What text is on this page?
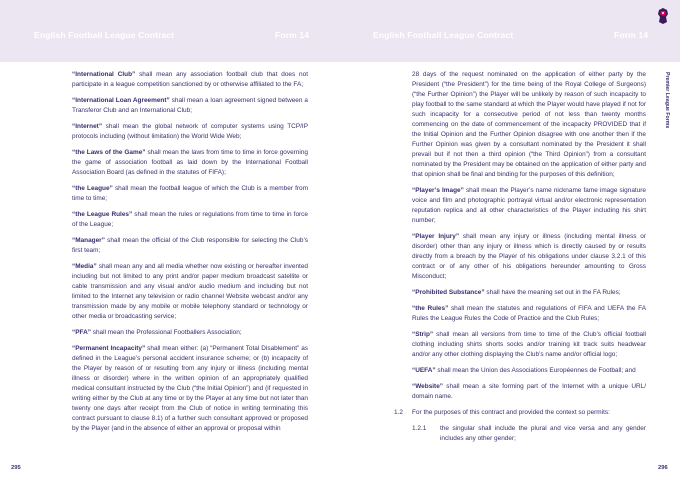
English Football League Contract	Form 14	English Football League Contract	Form 14
Premier League Forms

“International Club” shall mean any association football club that does not participate in a league competition sanctioned by or otherwise affiliated to the FA;

“International Loan Agreement” shall mean a loan agreement signed between a Transferor Club and an International Club;

“Internet” shall mean the global network of computer systems using TCP/IP protocols including (without limitation) the World Wide Web;

“the Laws of the Game” shall mean the laws from time to time in force governing the game of association football as laid down by the International Football Association Board (as defined in the statutes of FIFA);

“the League” shall mean the football league of which the Club is a member from time to time;

“the League Rules” shall mean the rules or regulations from time to time in force of the League;

“Manager” shall mean the official of the Club responsible for selecting the Club’s first team;

“Media” shall mean any and all media whether now existing or hereafter invented including but not limited to any print and/or paper medium broadcast satellite or cable transmission and any visual and/or audio medium and including but not limited to the Internet any television or radio channel Website webcast and/or any transmission made by any mobile or mobile telephony standard or technology or other media or broadcasting service;

“PFA” shall mean the Professional Footballers Association;

“Permanent Incapacity” shall mean either: (a) “Permanent Total Disablement” as defined in the League’s personal accident insurance scheme; or (b) incapacity of the Player by reason of or resulting from any injury or illness (including mental illness or disorder) where in the written opinion of an appropriately qualified medical consultant instructed by the Club (“the Initial Opinion”) and (if requested in writing either by the Club at any time or by the Player at any time but not later than twenty one days after receipt from the Club of notice in writing terminating this contract pursuant to clause 8.1) of a further such consultant approved or proposed by the Player (and in the absence of either an approval or proposal within

28 days of the request nominated on the application of either party by the President (“the President”) for the time being of the Royal College of Surgeons) (“the Further Opinion”) the Player will be unlikely by reason of such incapacity to play football to the same standard at which the Player would have played if not for such incapacity for a consecutive period of not less than twenty months commencing on the date of commencement of the incapacity PROVIDED that if the Initial Opinion and the Further Opinion disagree with one another then if the Further Opinion was given by a consultant nominated by the President it shall prevail but if not then a third opinion (“the Third Opinion”) from a consultant nominated by the President may be obtained on the application of either party and that opinion shall be final and binding for the purposes of this definition;

“Player’s Image” shall mean the Player’s name nickname fame image signature voice and film and photographic portrayal virtual and/or electronic representation reputation replica and all other characteristics of the Player including his shirt number;

“Player Injury” shall mean any injury or illness (including mental illness or disorder) other than any injury or illness which is directly caused by or results directly from a breach by the Player of his obligations under clause 3.2.1 of this contract or of any other of his obligations hereunder amounting to Gross Misconduct;

“Prohibited Substance” shall have the meaning set out in the FA Rules;

“the Rules” shall mean the statutes and regulations of FIFA and UEFA the FA Rules the League Rules the Code of Practice and the Club Rules;

“Strip” shall mean all versions from time to time of the Club’s official football clothing including shirts shorts socks and/or training kit track suits headwear and/or any other clothing displaying the Club’s name and/or official logo;

“UEFA” shall mean the Union des Associations Européennes de Football; and

“Website” shall mean a site forming part of the Internet with a unique URL/ domain name.

1.2 For the purposes of this contract and provided the context so permits:

1.2.1	the singular shall include the plural and vice versa and any gender includes any other gender;

295	296
